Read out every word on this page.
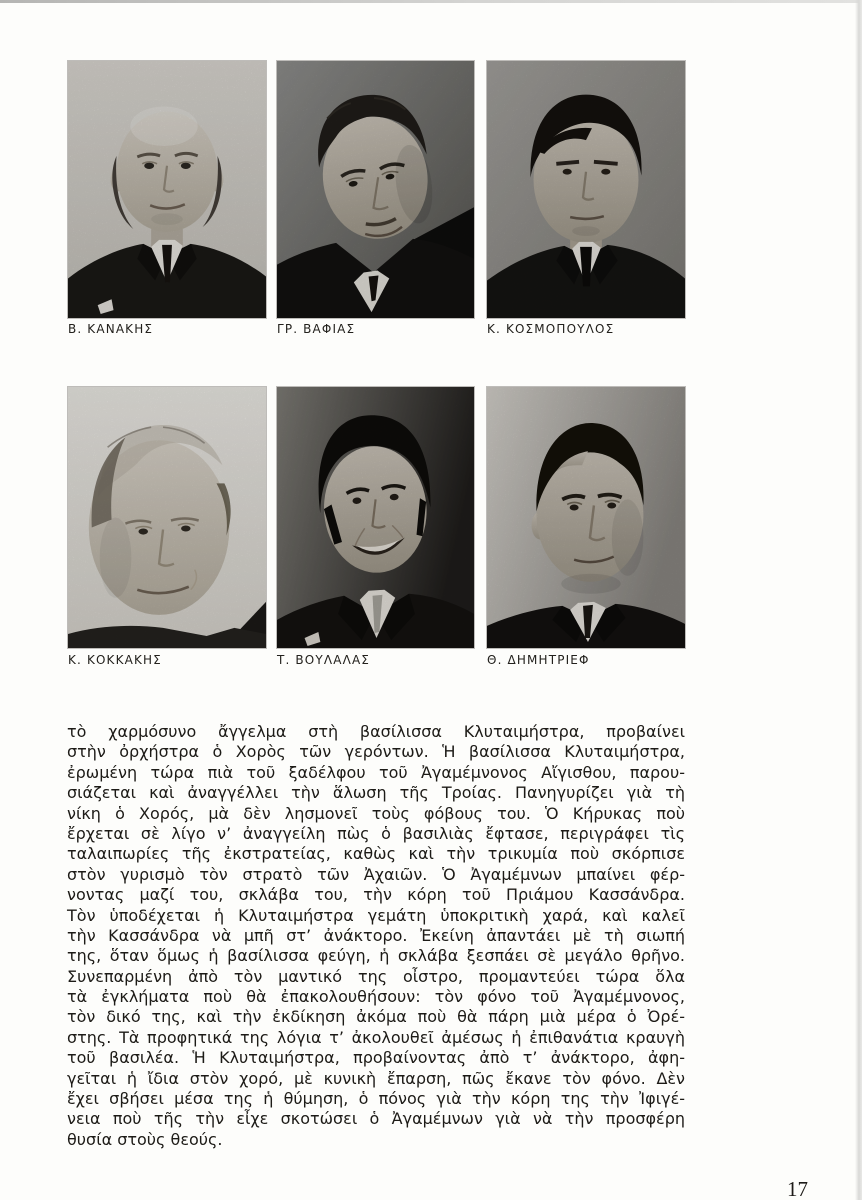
Β. ΚΑΝΑΚΗΣ	ΓΡ. ΒΑΦΙΑΣ	Κ. ΚΟΣΜΟΠΟΥΛΟΣ
Κ. ΚΟΚΚΑΚΗΣ	Τ. ΒΟΥΛΑΛΑΣ	Θ. ΔΗΜΗΤΡΙΕΦ
τὸ χαρμόσυνο ἄγγελμα στὴ βασίλισσα Κλυταιμήστρα, προβαίνει
στὴν ὀρχήστρα ὁ Χορὸς τῶν γερόντων. Ἡ βασίλισσα Κλυταιμήστρα,
ἐρωμένη τώρα πιὰ τοῦ ξαδέλφου τοῦ Ἀγαμέμνονος Αἴγισθου, παρου-
σιάζεται καὶ ἀναγγέλλει τὴν ἅλωση τῆς Τροίας. Πανηγυρίζει γιὰ τὴ
νίκη ὁ Χορός, μὰ δὲν λησμονεῖ τοὺς φόβους του. Ὁ Κήρυκας ποὺ
ἔρχεται σὲ λίγο ν’ ἀναγγείλη πὼς ὁ βασιλιὰς ἔφτασε, περιγράφει τὶς
ταλαιπωρίες τῆς ἐκστρατείας, καθὼς καὶ τὴν τρικυμία ποὺ σκόρπισε
στὸν γυρισμὸ τὸν στρατὸ τῶν Ἀχαιῶν. Ὁ Ἀγαμέμνων μπαίνει φέρ-
νοντας μαζί του, σκλάβα του, τὴν κόρη τοῦ Πριάμου Κασσάνδρα.
Τὸν ὑποδέχεται ἡ Κλυταιμήστρα γεμάτη ὑποκριτικὴ χαρά, καὶ καλεῖ
τὴν Κασσάνδρα νὰ μπῆ στ’ ἀνάκτορο. Ἐκείνη ἀπαντάει μὲ τὴ σιωπή
της, ὅταν ὅμως ἡ βασίλισσα φεύγη, ἡ σκλάβα ξεσπάει σὲ μεγάλο θρῆνο.
Συνεπαρμένη ἀπὸ τὸν μαντικό της οἶστρο, προμαντεύει τώρα ὅλα
τὰ ἐγκλήματα ποὺ θὰ ἐπακολουθήσουν: τὸν φόνο τοῦ Ἀγαμέμνονος,
τὸν δικό της, καὶ τὴν ἐκδίκηση ἀκόμα ποὺ θὰ πάρη μιὰ μέρα ὁ Ὀρέ-
στης. Τὰ προφητικά της λόγια τ’ ἀκολουθεῖ ἀμέσως ἡ ἐπιθανάτια κραυγὴ
τοῦ βασιλέα. Ἡ Κλυταιμήστρα, προβαίνοντας ἀπὸ τ’ ἀνάκτορο, ἀφη-
γεῖται ἡ ἴδια στὸν χορό, μὲ κυνικὴ ἔπαρση, πῶς ἔκανε τὸν φόνο. Δὲν
ἔχει σβήσει μέσα της ἡ θύμηση, ὁ πόνος γιὰ τὴν κόρη της τὴν Ἰφιγέ-
νεια ποὺ τῆς τὴν εἶχε σκοτώσει ὁ Ἀγαμέμνων γιὰ νὰ τὴν προσφέρη
θυσία στοὺς θεούς.
17
